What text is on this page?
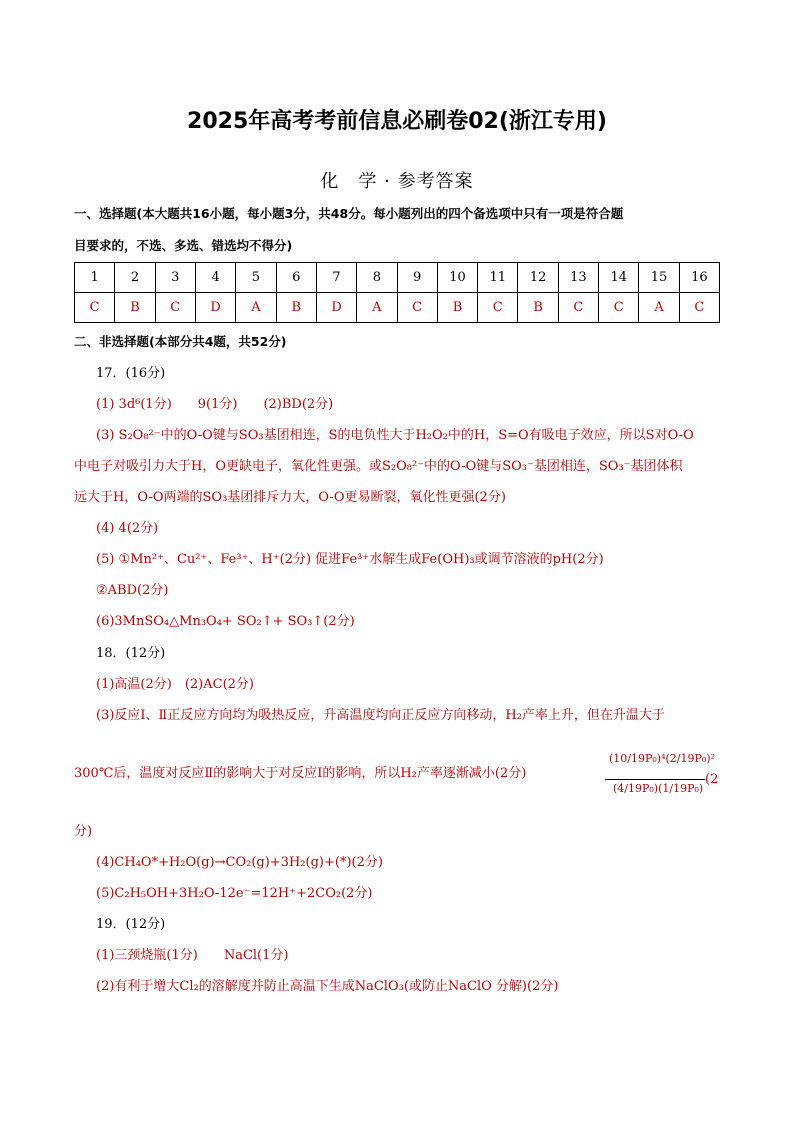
2025年高考考前信息必刷卷02(浙江专用)
化　学 · 参考答案
一、选择题(本大题共16小题，每小题3分，共48分。每小题列出的四个备选项中只有一项是符合题
目要求的，不选、多选、错选均不得分)
1	2	3	4	5	6	7	8	9	10	11	12	13	14	15	16
C	B	C	D	A	B	D	A	C	B	C	B	C	C	A	C
二、非选择题(本部分共4题，共52分)
17．(16分)
(1) 3d⁶(1分)　　9(1分)　　(2)BD(2分)
(3) S₂O₈²⁻中的O-O键与SO₃基团相连，S的电负性大于H₂O₂中的H，S=O有吸电子效应，所以S对O-O
中电子对吸引力大于H，O更缺电子，氧化性更强。或S₂O₈²⁻中的O-O键与SO₃⁻基团相连，SO₃⁻基团体积
远大于H，O-O两端的SO₃基团排斥力大，O-O更易断裂，氧化性更强(2分)
(4) 4(2分)
(5) ①Mn²⁺、Cu²⁺、Fe³⁺、H⁺(2分) 促进Fe³⁺水解生成Fe(OH)₃或调节溶液的pH(2分)
②ABD(2分)
(6)3MnSO₄△Mn₃O₄+ SO₂↑+ SO₃↑(2分)
18．(12分)
(1)高温(2分)　(2)AC(2分)
(3)反应Ⅰ、Ⅱ正反应方向均为吸热反应，升高温度均向正反应方向移动，H₂产率上升，但在升温大于
300℃后，温度对反应Ⅱ的影响大于对反应Ⅰ的影响，所以H₂产率逐渐减小(2分)
(10/19P₀)⁴(2/19P₀)²
(4/19P₀)(1/19P₀)
(2
分)
(4)CH₄O*+H₂O(g)→CO₂(g)+3H₂(g)+(*)(2分)
(5)C₂H₅OH+3H₂O-12e⁻=12H⁺+2CO₂(2分)
19．(12分)
(1)三颈烧瓶(1分)　　NaCl(1分)
(2)有利于增大Cl₂的溶解度并防止高温下生成NaClO₃(或防止NaClO 分解)(2分)
